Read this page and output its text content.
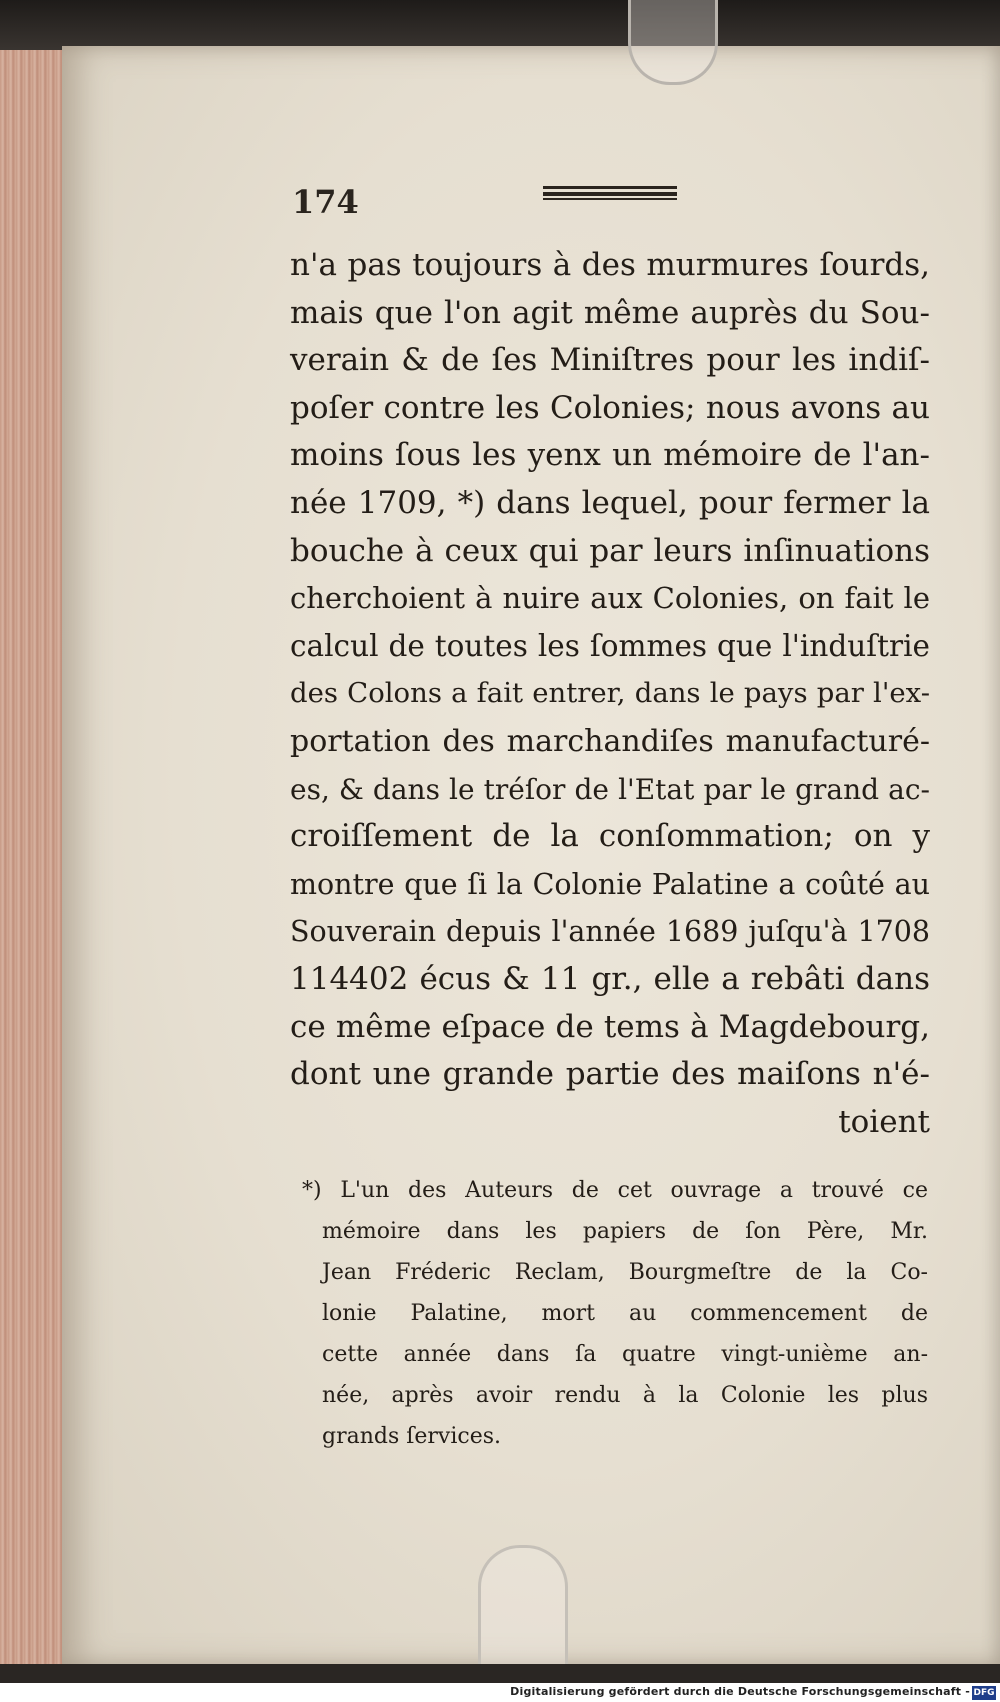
174
n'a pas toujours à des murmures ſourds,
mais que l'on agit même auprès du Sou-
verain & de ſes Miniſtres pour les indiſ-
poſer contre les Colonies; nous avons au
moins ſous les yenx un mémoire de l'an-
née 1709, *) dans lequel, pour fermer la
bouche à ceux qui par leurs inſinuations
cherchoient à nuire aux Colonies, on fait le
calcul de toutes les ſommes que l'induſtrie
des Colons a fait entrer, dans le pays par l'ex-
portation des marchandiſes manufacturé-
es, & dans le tréſor de l'Etat par le grand ac-
croiſſement de la conſommation; on y
montre que ſi la Colonie Palatine a coûté au
Souverain depuis l'année 1689 juſqu'à 1708
114402 écus & 11 gr., elle a rebâti dans
ce même eſpace de tems à Magdebourg,
dont une grande partie des maiſons n'é-
toient
*) L'un des Auteurs de cet ouvrage a trouvé ce
mémoire dans les papiers de ſon Père, Mr.
Jean Fréderic Reclam, Bourgmeſtre de la Co-
lonie Palatine, mort au commencement de
cette année dans ſa quatre vingt-unième an-
née, après avoir rendu à la Colonie les plus
grands ſervices.
Digitalisierung gefördert durch die Deutsche Forschungsgemeinschaft - DFG
